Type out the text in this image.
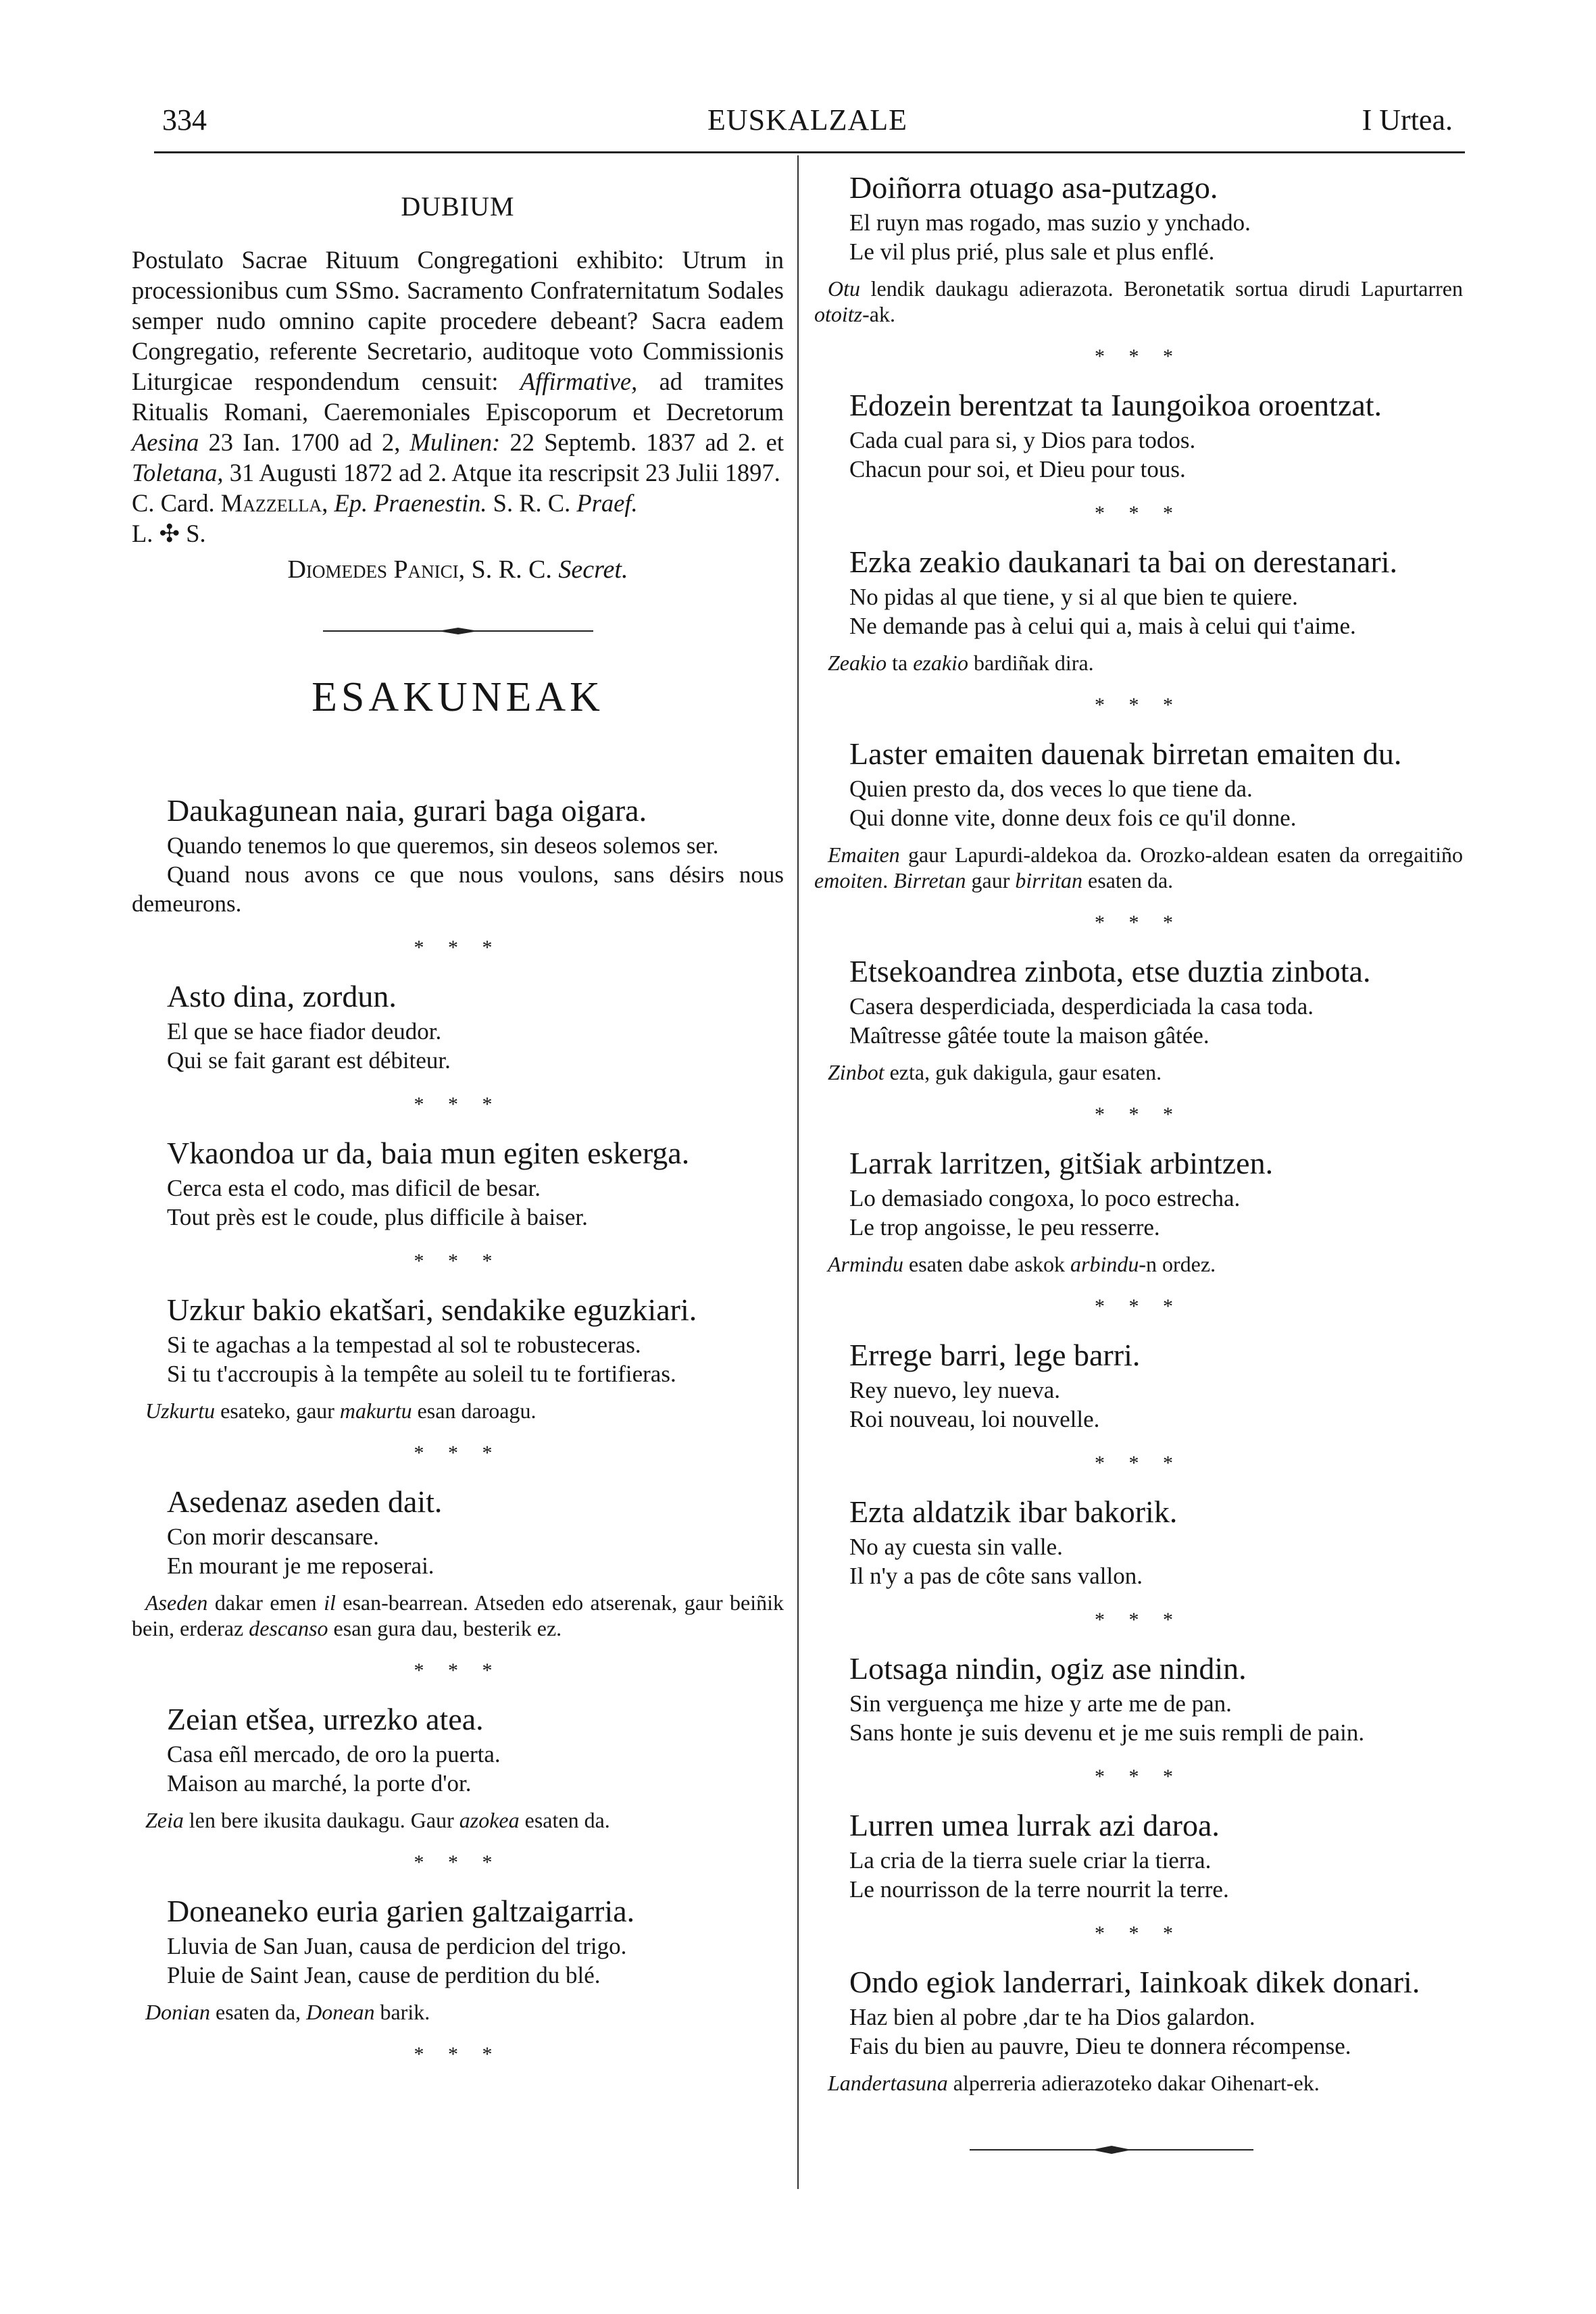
334	EUSKALZALE	I Urtea.
DUBIUM

Postulato Sacrae Rituum Congregationi exhibito: Utrum in processionibus cum SSmo. Sacramento Confraternitatum Sodales semper nudo omnino capite procedere debeant? Sacra eadem Congregatio, referente Secretario, auditoque voto Commissionis Liturgicae respondendum censuit: Affirmative, ad tramites Ritualis Romani, Caeremoniales Episcoporum et Decretorum Aesina 23 Ian. 1700 ad 2, Mulinen: 22 Septemb. 1837 ad 2. et Toletana, 31 Augusti 1872 ad 2. Atque ita rescripsit 23 Julii 1897.

C. Card. Mazzella, Ep. Praenestin. S. R. C. Praef.

L. ✣ S.

Diomedes Panici, S. R. C. Secret.

ESAKUNEAK
Daukagunean naia, gurari baga oigara.
Quando tenemos lo que queremos, sin deseos solemos ser.
Quand nous avons ce que nous voulons, sans désirs nous demeurons.
* * *
Asto dina, zordun.
El que se hace fiador deudor.
Qui se fait garant est débiteur.
* * *
Vkaondoa ur da, baia mun egiten eskerga.
Cerca esta el codo, mas dificil de besar.
Tout près est le coude, plus difficile à baiser.
* * *
Uzkur bakio ekatšari, sendakike eguzkiari.
Si te agachas a la tempestad al sol te robusteceras.
Si tu t'accroupis à la tempête au soleil tu te fortifieras.
Uzkurtu esateko, gaur makurtu esan daroagu.
* * *
Asedenaz aseden dait.
Con morir descansare.
En mourant je me reposerai.
Aseden dakar emen il esan-bearrean. Atseden edo atserenak, gaur beiñik bein, erderaz descanso esan gura dau, besterik ez.
* * *
Zeian etšea, urrezko atea.
Casa eñl mercado, de oro la puerta.
Maison au marché, la porte d'or.
Zeia len bere ikusita daukagu. Gaur azokea esaten da.
* * *
Doneaneko euria garien galtzaigarria.
Lluvia de San Juan, causa de perdicion del trigo.
Pluie de Saint Jean, cause de perdition du blé.
Donian esaten da, Donean barik.
* * *
Doiñorra otuago asa-putzago.
El ruyn mas rogado, mas suzio y ynchado.
Le vil plus prié, plus sale et plus enflé.
Otu lendik daukagu adierazota. Beronetatik sortua dirudi Lapurtarren otoitz-ak.
* * *
Edozein berentzat ta Iaungoikoa oroentzat.
Cada cual para si, y Dios para todos.
Chacun pour soi, et Dieu pour tous.
* * *
Ezka zeakio daukanari ta bai on derestanari.
No pidas al que tiene, y si al que bien te quiere.
Ne demande pas à celui qui a, mais à celui qui t'aime.
Zeakio ta ezakio bardiñak dira.
* * *
Laster emaiten dauenak birretan emaiten du.
Quien presto da, dos veces lo que tiene da.
Qui donne vite, donne deux fois ce qu'il donne.
Emaiten gaur Lapurdi-aldekoa da. Orozko-aldean esaten da orregaitiño emoiten. Birretan gaur birritan esaten da.
* * *
Etsekoandrea zinbota, etse duztia zinbota.
Casera desperdiciada, desperdiciada la casa toda.
Maîtresse gâtée toute la maison gâtée.
Zinbot ezta, guk dakigula, gaur esaten.
* * *
Larrak larritzen, gitšiak arbintzen.
Lo demasiado congoxa, lo poco estrecha.
Le trop angoisse, le peu resserre.
Armindu esaten dabe askok arbindu-n ordez.
* * *
Errege barri, lege barri.
Rey nuevo, ley nueva.
Roi nouveau, loi nouvelle.
* * *
Ezta aldatzik ibar bakorik.
No ay cuesta sin valle.
Il n'y a pas de côte sans vallon.
* * *
Lotsaga nindin, ogiz ase nindin.
Sin verguença me hize y arte me de pan.
Sans honte je suis devenu et je me suis rempli de pain.
* * *
Lurren umea lurrak azi daroa.
La cria de la tierra suele criar la tierra.
Le nourrisson de la terre nourrit la terre.
* * *
Ondo egiok landerrari, Iainkoak dikek donari.
Haz bien al pobre ,dar te ha Dios galardon.
Fais du bien au pauvre, Dieu te donnera récompense.
Landertasuna alperreria adierazoteko dakar Oihenart-ek.
